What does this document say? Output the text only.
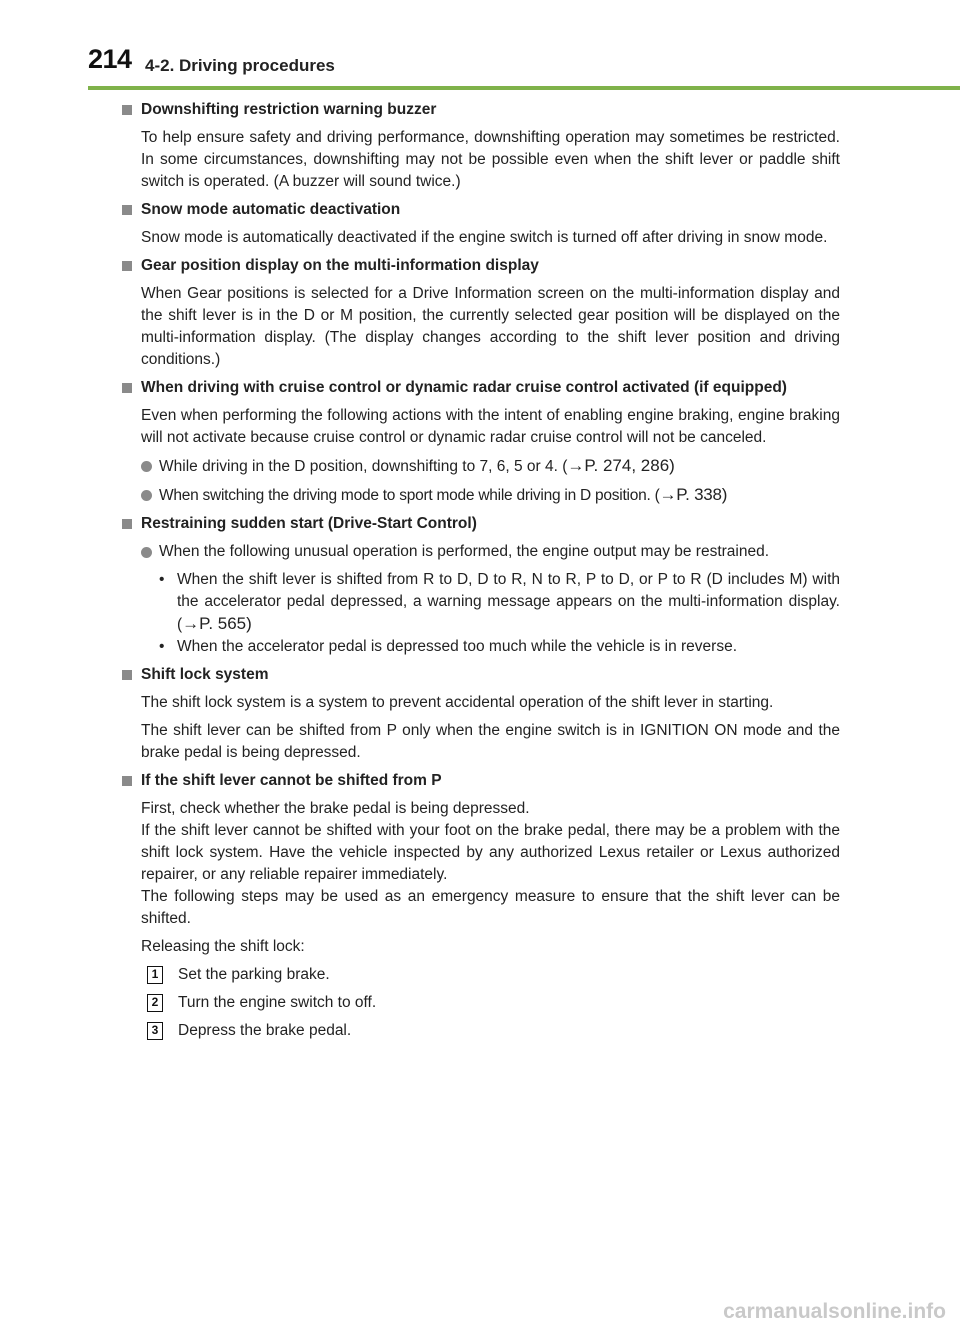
214 4-2. Driving procedures
Downshifting restriction warning buzzer

To help ensure safety and driving performance, downshifting operation may sometimes be restricted. In some circumstances, downshifting may not be possible even when the shift lever or paddle shift switch is operated. (A buzzer will sound twice.)

Snow mode automatic deactivation

Snow mode is automatically deactivated if the engine switch is turned off after driving in snow mode.

Gear position display on the multi-information display

When Gear positions is selected for a Drive Information screen on the multi-information display and the shift lever is in the D or M position, the currently selected gear position will be displayed on the multi-information display. (The display changes according to the shift lever position and driving conditions.)

When driving with cruise control or dynamic radar cruise control activated (if equipped)

Even when performing the following actions with the intent of enabling engine braking, engine braking will not activate because cruise control or dynamic radar cruise control will not be canceled.

While driving in the D position, downshifting to 7, 6, 5 or 4. (→P. 274, 286)
When switching the driving mode to sport mode while driving in D position. (→P. 338)
Restraining sudden start (Drive-Start Control)
When the following unusual operation is performed, the engine output may be restrained.
• When the shift lever is shifted from R to D, D to R, N to R, P to D, or P to R (D includes M) with the accelerator pedal depressed, a warning message appears on the multi-information display. (→P. 565)
• When the accelerator pedal is depressed too much while the vehicle is in reverse.
Shift lock system

The shift lock system is a system to prevent accidental operation of the shift lever in starting.

The shift lever can be shifted from P only when the engine switch is in IGNITION ON mode and the brake pedal is being depressed.

If the shift lever cannot be shifted from P

First, check whether the brake pedal is being depressed.

If the shift lever cannot be shifted with your foot on the brake pedal, there may be a problem with the shift lock system. Have the vehicle inspected by any authorized Lexus retailer or Lexus authorized repairer, or any reliable repairer immediately.

The following steps may be used as an emergency measure to ensure that the shift lever can be shifted.

Releasing the shift lock:

1	Set the parking brake.
2	Turn the engine switch to off.
3	Depress the brake pedal.
carmanualsonline.info
